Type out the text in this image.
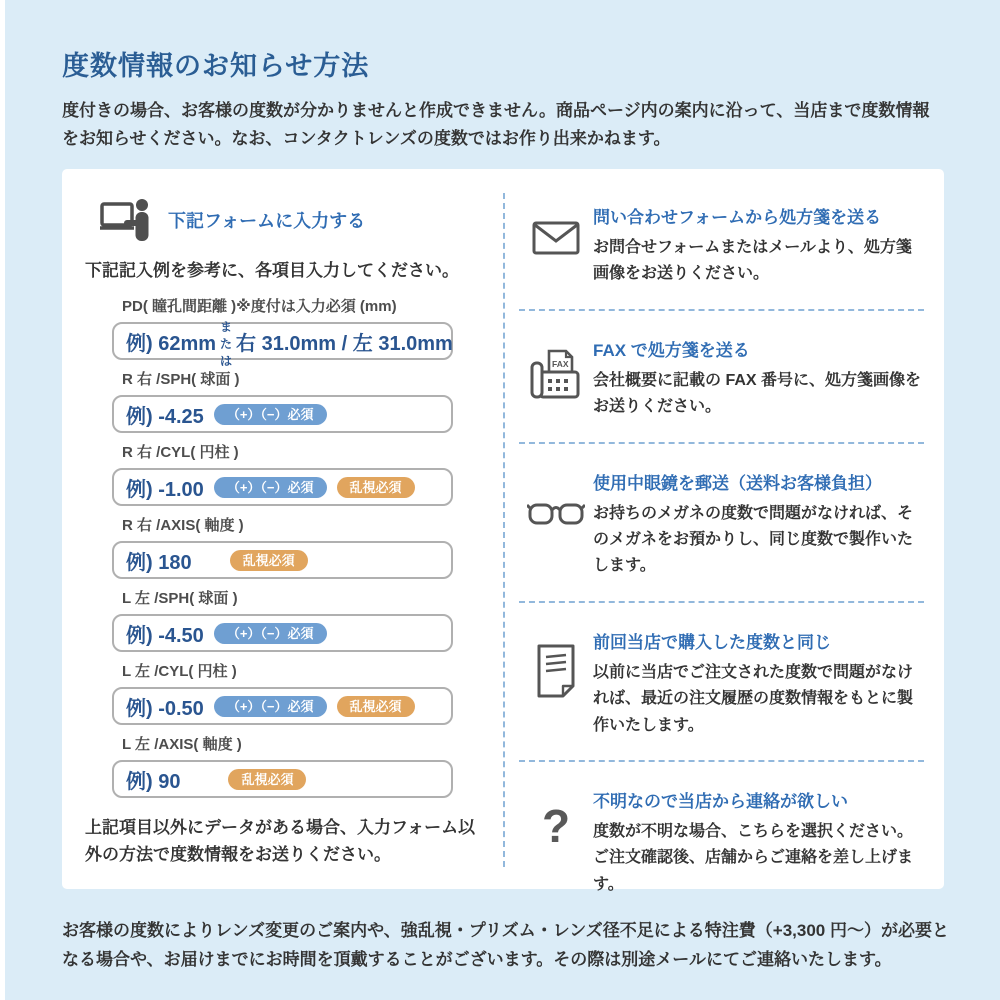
度数情報のお知らせ方法
度付きの場合、お客様の度数が分かりませんと作成できません。商品ページ内の案内に沿って、当店まで度数情報をお知らせください。なお、コンタクトレンズの度数ではお作り出来かねます。
下記フォームに入力する
下記記入例を参考に、各項目入力してください。
PD( 瞳孔間距離 )※度付は入力必須 (mm)
例) 62mm
または
右 31.0mm / 左 31.0mm
R 右 /SPH( 球面 )
例) -4.25	（+）（−）必須
R 右 /CYL( 円柱 )
例) -1.00	（+）（−）必須	乱視必須
R 右 /AXIS( 軸度 )
例) 180	乱視必須
L 左 /SPH( 球面 )
例) -4.50	（+）（−）必須
L 左 /CYL( 円柱 )
例) -0.50	（+）（−）必須	乱視必須
L 左 /AXIS( 軸度 )
例) 90	乱視必須
上記項目以外にデータがある場合、入力フォーム以外の方法で度数情報をお送りください。
問い合わせフォームから処方箋を送る
お問合せフォームまたはメールより、処方箋画像をお送りください。
FAX
FAX で処方箋を送る
会社概要に記載の FAX 番号に、処方箋画像をお送りください。
使用中眼鏡を郵送（送料お客様負担）
お持ちのメガネの度数で問題がなければ、そのメガネをお預かりし、同じ度数で製作いたします。
前回当店で購入した度数と同じ
以前に当店でご注文された度数で問題がなければ、最近の注文履歴の度数情報をもとに製作いたします。
? 不明なので当店から連絡が欲しい
度数が不明な場合、こちらを選択ください。ご注文確認後、店舗からご連絡を差し上げます。
お客様の度数によりレンズ変更のご案内や、強乱視・プリズム・レンズ径不足による特注費（+3,300 円〜）が必要となる場合や、お届けまでにお時間を頂戴することがございます。その際は別途メールにてご連絡いたします。
